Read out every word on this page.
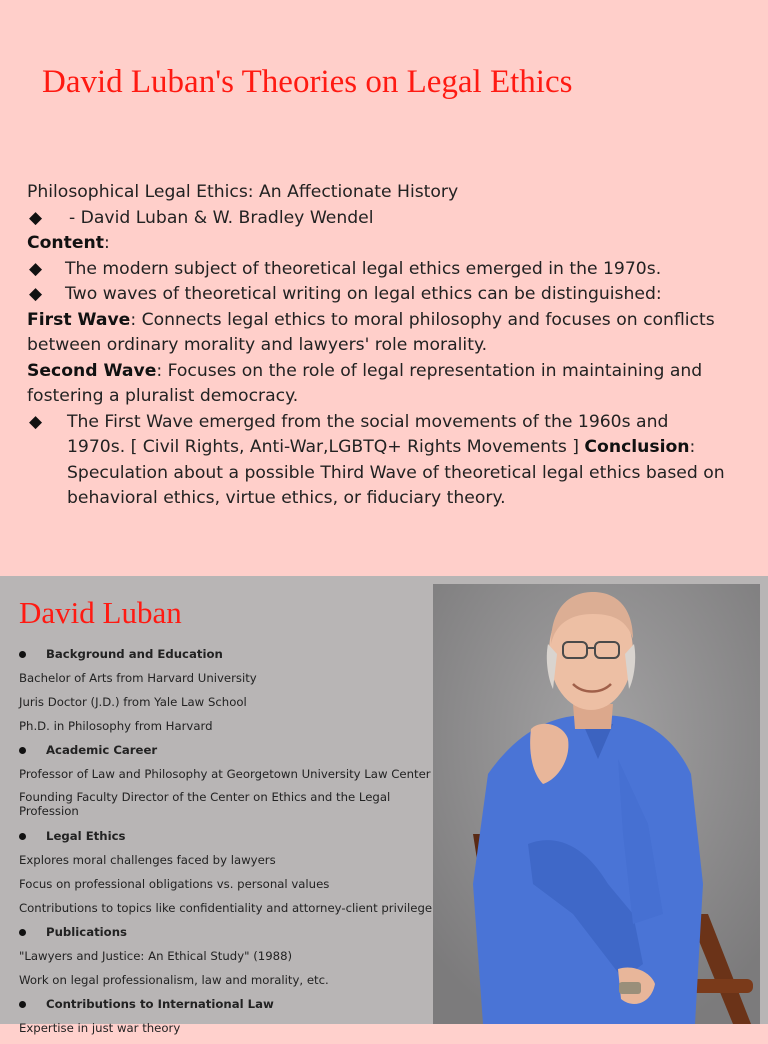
David Luban's Theories on Legal Ethics
Philosophical Legal Ethics: An Affectionate History
◆ - David Luban & W. Bradley Wendel
Content:
◆ The modern subject of theoretical legal ethics emerged in the 1970s.
◆ Two waves of theoretical writing on legal ethics can be distinguished:
First Wave: Connects legal ethics to moral philosophy and focuses on conflicts between ordinary morality and lawyers' role morality.
Second Wave: Focuses on the role of legal representation in maintaining and fostering a pluralist democracy.
◆ The First Wave emerged from the social movements of the 1960s and 1970s. [ Civil Rights, Anti-War,LGBTQ+ Rights Movements ] Conclusion: Speculation about a possible Third Wave of theoretical legal ethics based on behavioral ethics, virtue ethics, or fiduciary theory.
David Luban
Background and Education
Bachelor of Arts from Harvard University
Juris Doctor (J.D.) from Yale Law School
Ph.D. in Philosophy from Harvard
Academic Career
Professor of Law and Philosophy at Georgetown University Law Center
Founding Faculty Director of the Center on Ethics and the Legal Profession
Legal Ethics
Explores moral challenges faced by lawyers
Focus on professional obligations vs. personal values
Contributions to topics like confidentiality and attorney-client privilege
Publications
"Lawyers and Justice: An Ethical Study" (1988)
Work on legal professionalism, law and morality, etc.
Contributions to International Law
Expertise in just war theory
